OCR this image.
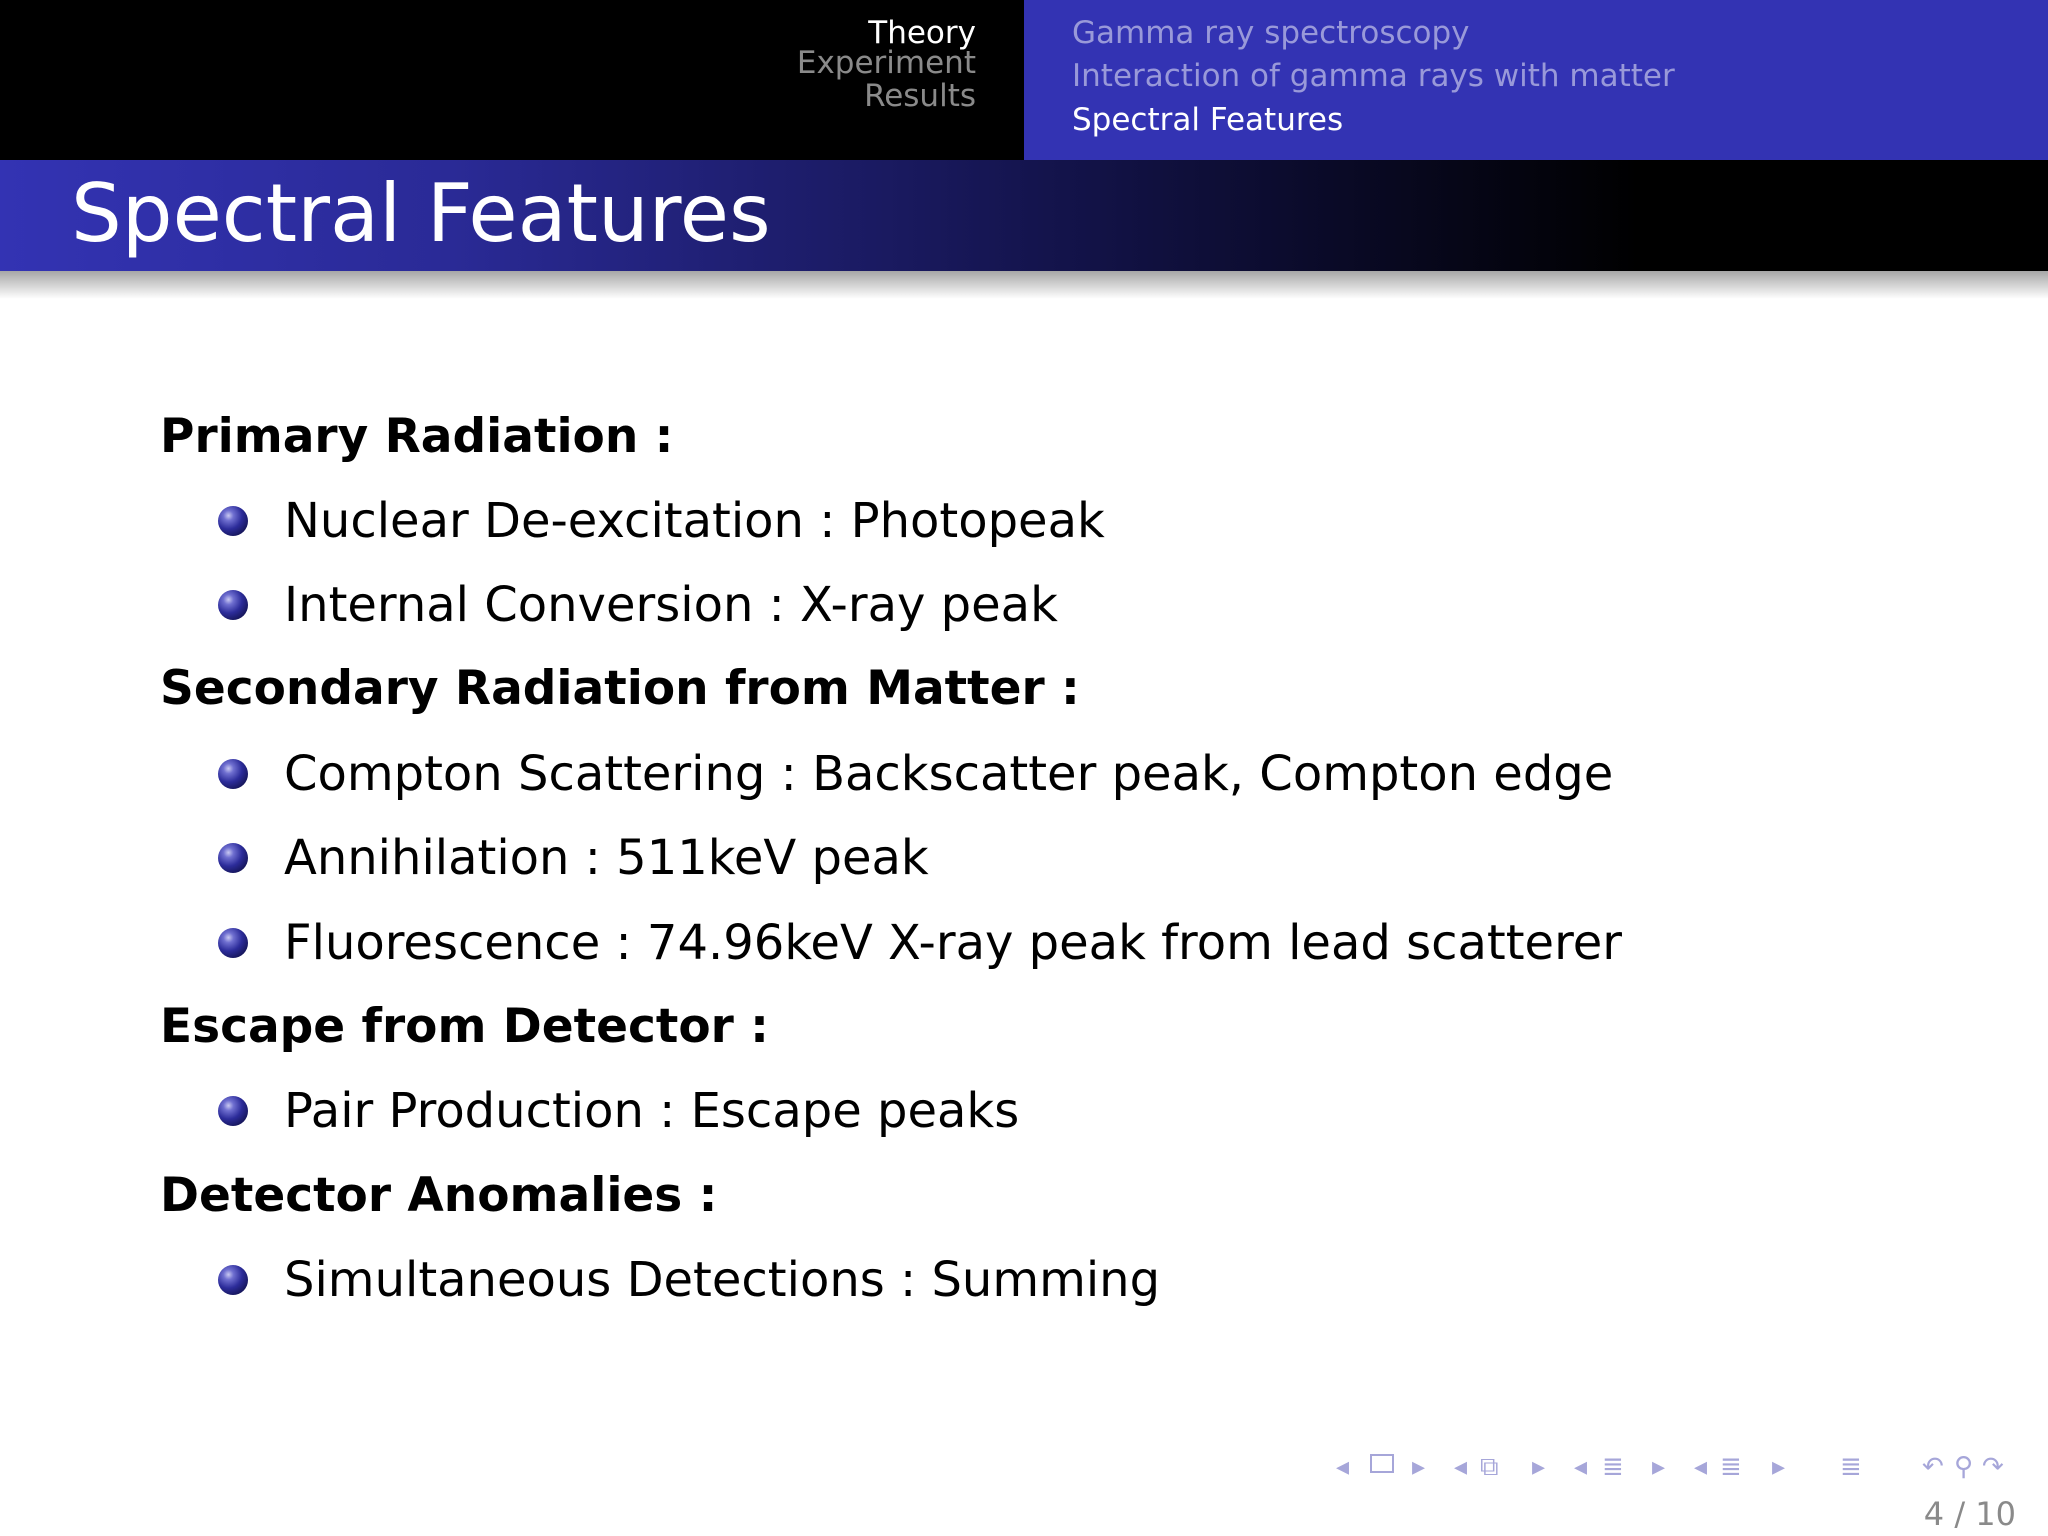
Theory
Experiment
Results
Gamma ray spectroscopy
Interaction of gamma rays with matter
Spectral Features
Spectral Features
Primary Radiation :
Nuclear De-excitation : Photopeak
Internal Conversion : X-ray peak
Secondary Radiation from Matter :
Compton Scattering : Backscatter peak, Compton edge
Annihilation : 511keV peak
Fluorescence : 74.96keV X-ray peak from lead scatterer
Escape from Detector :
Pair Production : Escape peaks
Detector Anomalies :
Simultaneous Detections : Summing
◂ ▸ ◂ ⧉ ▸ ◂ ≣ ▸ ◂ ≣ ▸ ≣ ↶ ⚲ ↷
4 / 10
